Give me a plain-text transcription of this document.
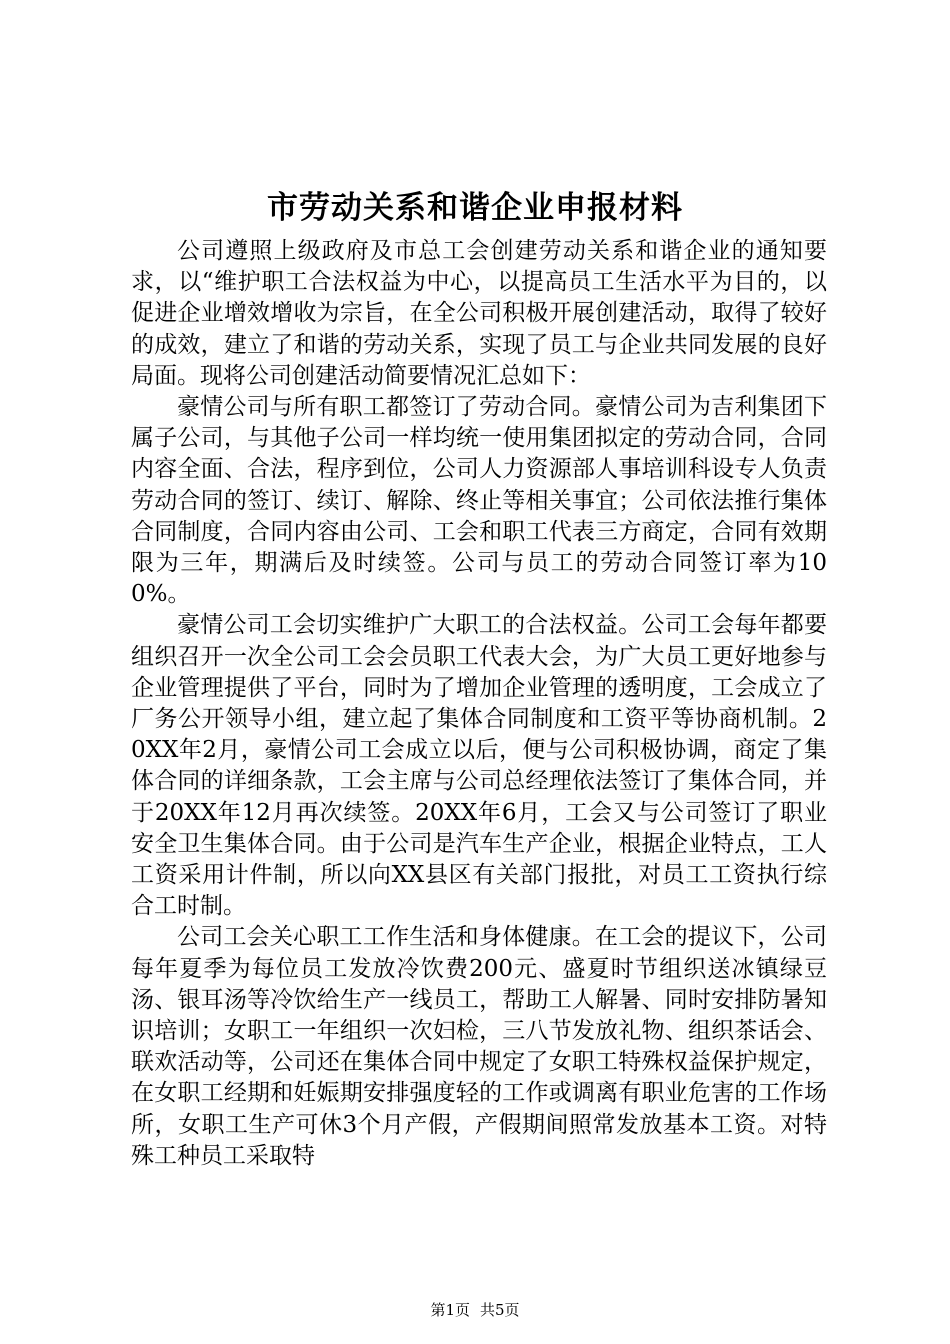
市劳动关系和谐企业申报材料

公司遵照上级政府及市总工会创建劳动关系和谐企业的通知要求，以“维护职工合法权益为中心，以提高员工生活水平为目的，以促进企业增效增收为宗旨，在全公司积极开展创建活动，取得了较好的成效，建立了和谐的劳动关系，实现了员工与企业共同发展的良好局面。现将公司创建活动简要情况汇总如下：

豪情公司与所有职工都签订了劳动合同。豪情公司为吉利集团下属子公司，与其他子公司一样均统一使用集团拟定的劳动合同，合同内容全面、合法，程序到位，公司人力资源部人事培训科设专人负责劳动合同的签订、续订、解除、终止等相关事宜；公司依法推行集体合同制度，合同内容由公司、工会和职工代表三方商定，合同有效期限为三年，期满后及时续签。公司与员工的劳动合同签订率为100%。

豪情公司工会切实维护广大职工的合法权益。公司工会每年都要组织召开一次全公司工会会员职工代表大会，为广大员工更好地参与企业管理提供了平台，同时为了增加企业管理的透明度，工会成立了厂务公开领导小组，建立起了集体合同制度和工资平等协商机制。20XX年2月，豪情公司工会成立以后，便与公司积极协调，商定了集体合同的详细条款，工会主席与公司总经理依法签订了集体合同，并于20XX年12月再次续签。20XX年6月，工会又与公司签订了职业安全卫生集体合同。由于公司是汽车生产企业，根据企业特点，工人工资采用计件制，所以向XX县区有关部门报批，对员工工资执行综合工时制。

公司工会关心职工工作生活和身体健康。在工会的提议下，公司每年夏季为每位员工发放冷饮费200元、盛夏时节组织送冰镇绿豆汤、银耳汤等冷饮给生产一线员工，帮助工人解暑、同时安排防暑知识培训；女职工一年组织一次妇检，三八节发放礼物、组织茶话会、联欢活动等，公司还在集体合同中规定了女职工特殊权益保护规定，在女职工经期和妊娠期安排强度轻的工作或调离有职业危害的工作场所，女职工生产可休3个月产假，产假期间照常发放基本工资。对特殊工种员工采取特

第1页 共5页
